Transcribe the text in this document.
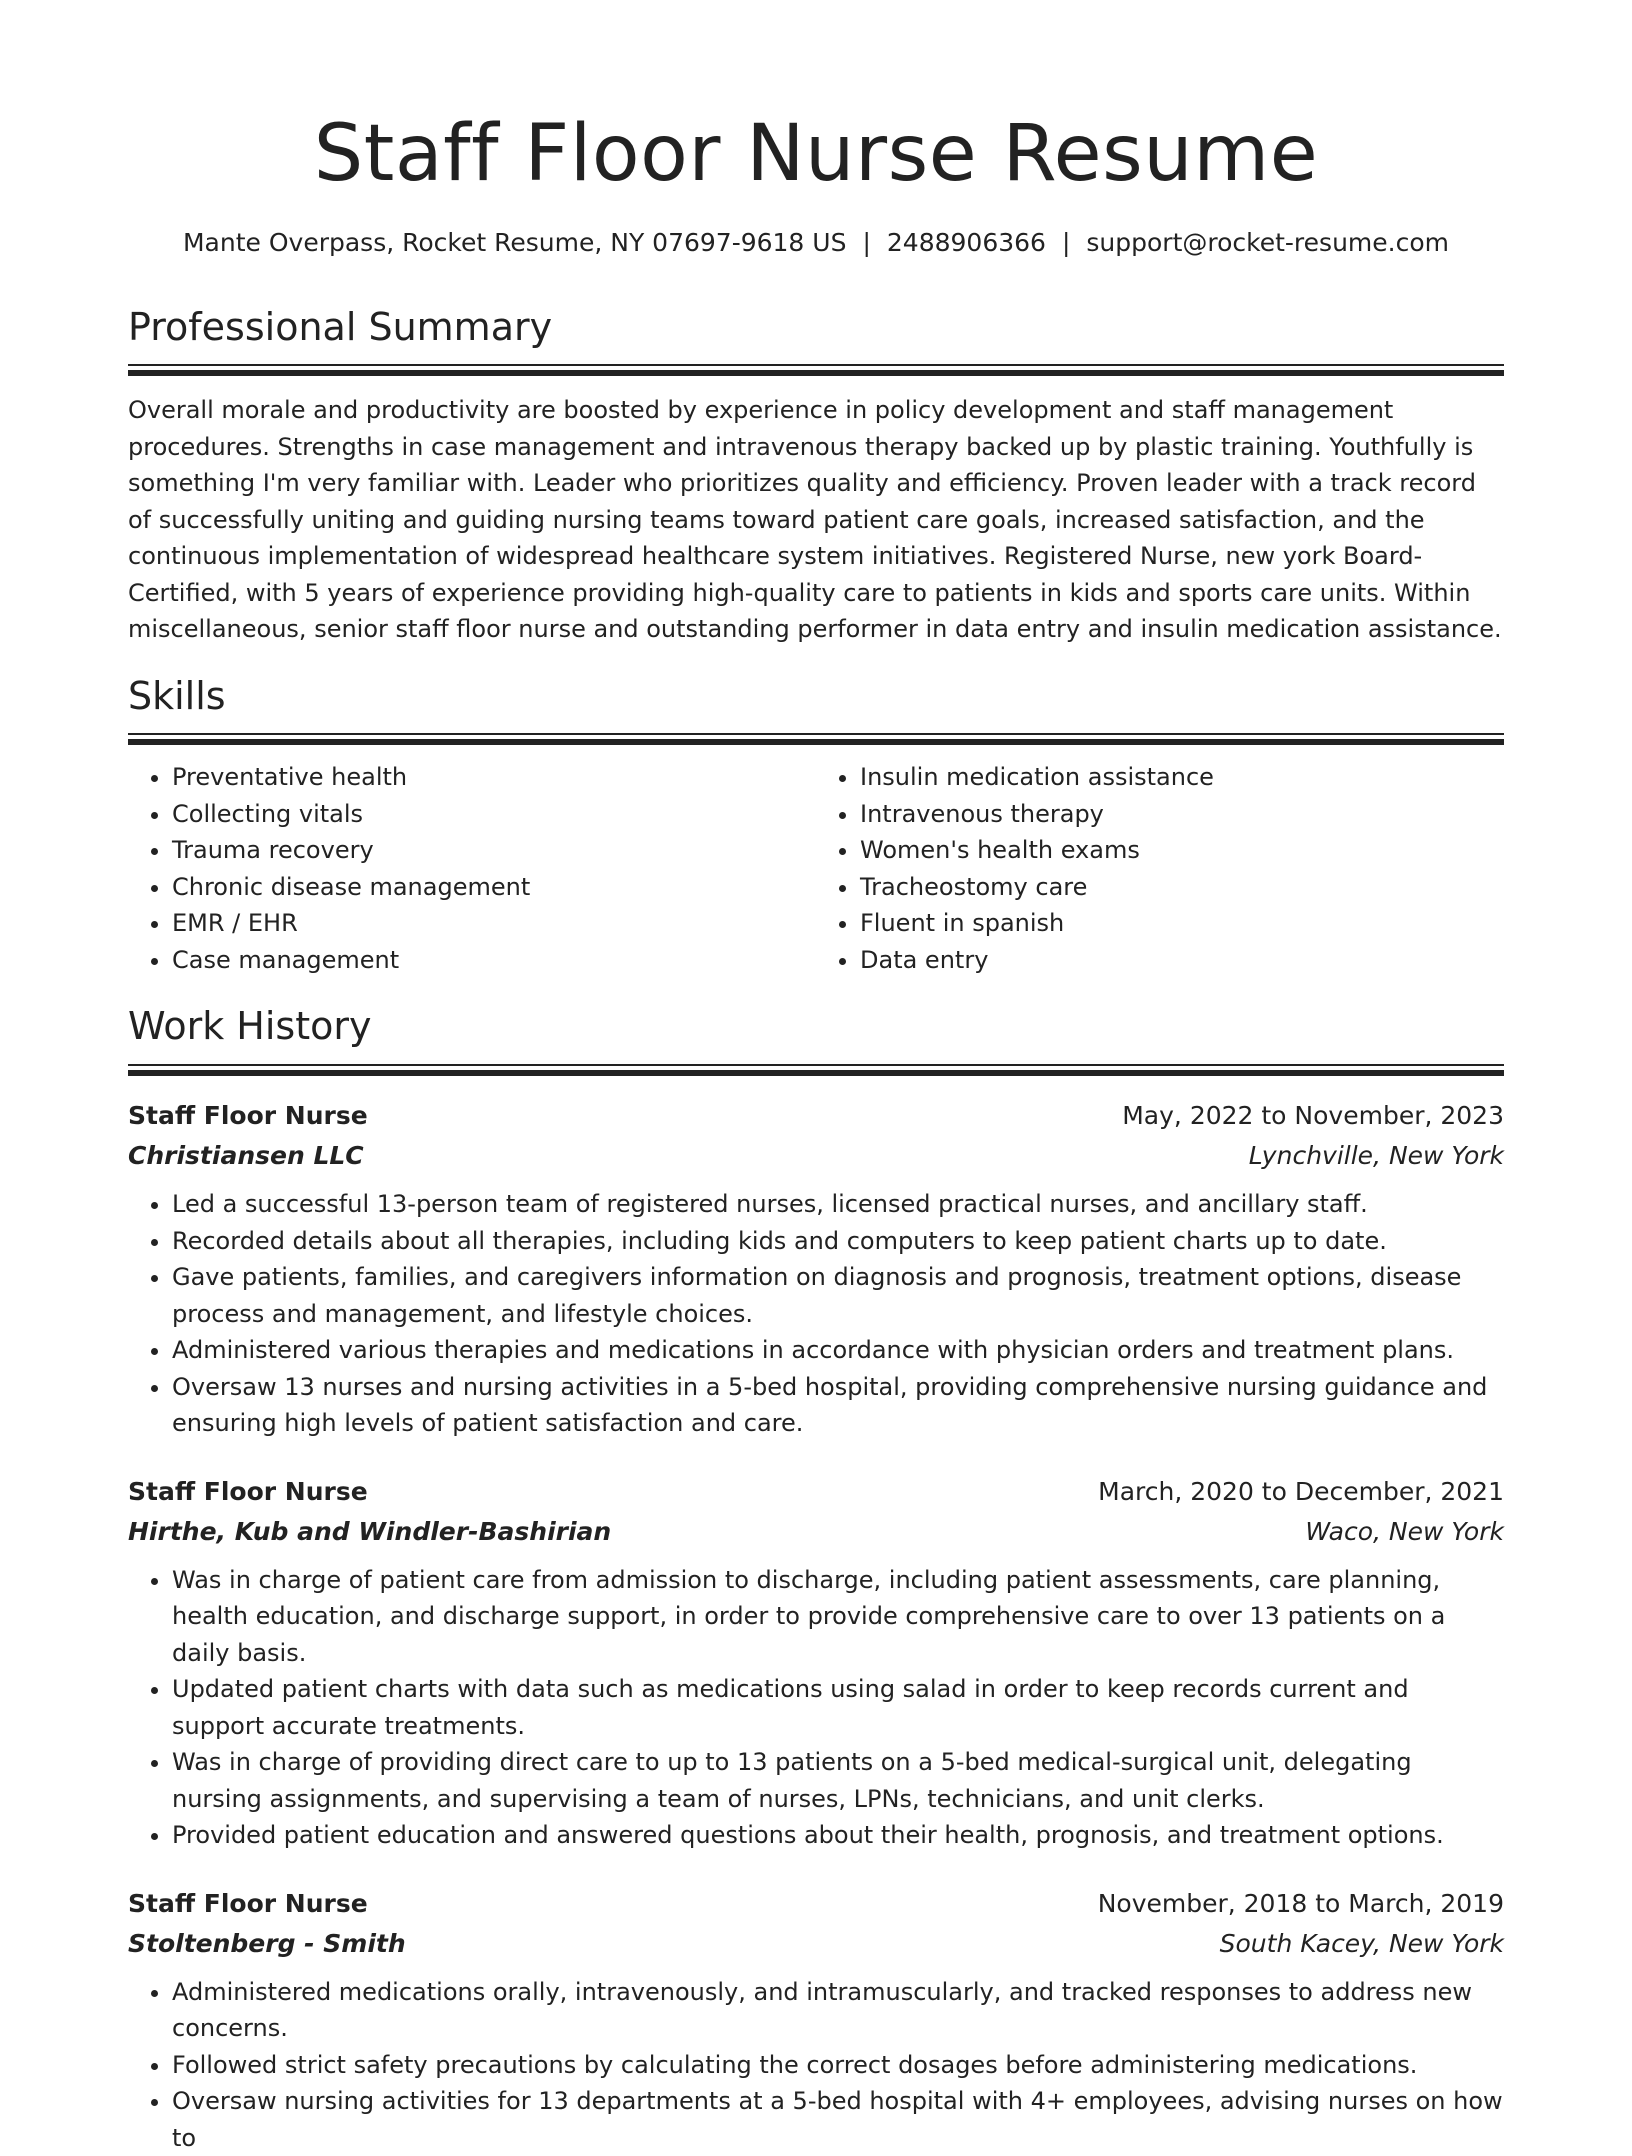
Staff Floor Nurse Resume
Mante Overpass, Rocket Resume, NY 07697-9618 US | 2488906366 | support@rocket-resume.com
Professional Summary

Overall morale and productivity are boosted by experience in policy development and staff management procedures. Strengths in case management and intravenous therapy backed up by plastic training. Youthfully is something I'm very familiar with. Leader who prioritizes quality and efficiency. Proven leader with a track record of successfully uniting and guiding nursing teams toward patient care goals, increased satisfaction, and the continuous implementation of widespread healthcare system initiatives. Registered Nurse, new york Board-Certified, with 5 years of experience providing high-quality care to patients in kids and sports care units. Within miscellaneous, senior staff floor nurse and outstanding performer in data entry and insulin medication assistance.

Skills
• Preventative health
• Collecting vitals
• Trauma recovery
• Chronic disease management
• EMR / EHR
• Case management
• Insulin medication assistance
• Intravenous therapy
• Women's health exams
• Tracheostomy care
• Fluent in spanish
• Data entry
Work History
Staff Floor Nurse	May, 2022 to November, 2023
Christiansen LLC	Lynchville, New York
• Led a successful 13-person team of registered nurses, licensed practical nurses, and ancillary staff.
• Recorded details about all therapies, including kids and computers to keep patient charts up to date.
• Gave patients, families, and caregivers information on diagnosis and prognosis, treatment options, disease process and management, and lifestyle choices.
• Administered various therapies and medications in accordance with physician orders and treatment plans.
• Oversaw 13 nurses and nursing activities in a 5-bed hospital, providing comprehensive nursing guidance and ensuring high levels of patient satisfaction and care.
Staff Floor Nurse	March, 2020 to December, 2021
Hirthe, Kub and Windler-Bashirian	Waco, New York
• Was in charge of patient care from admission to discharge, including patient assessments, care planning, health education, and discharge support, in order to provide comprehensive care to over 13 patients on a daily basis.
• Updated patient charts with data such as medications using salad in order to keep records current and support accurate treatments.
• Was in charge of providing direct care to up to 13 patients on a 5-bed medical-surgical unit, delegating nursing assignments, and supervising a team of nurses, LPNs, technicians, and unit clerks.
• Provided patient education and answered questions about their health, prognosis, and treatment options.
Staff Floor Nurse	November, 2018 to March, 2019
Stoltenberg - Smith	South Kacey, New York
• Administered medications orally, intravenously, and intramuscularly, and tracked responses to address new concerns.
• Followed strict safety precautions by calculating the correct dosages before administering medications.
• Oversaw nursing activities for 13 departments at a 5-bed hospital with 4+ employees, advising nurses on how to
